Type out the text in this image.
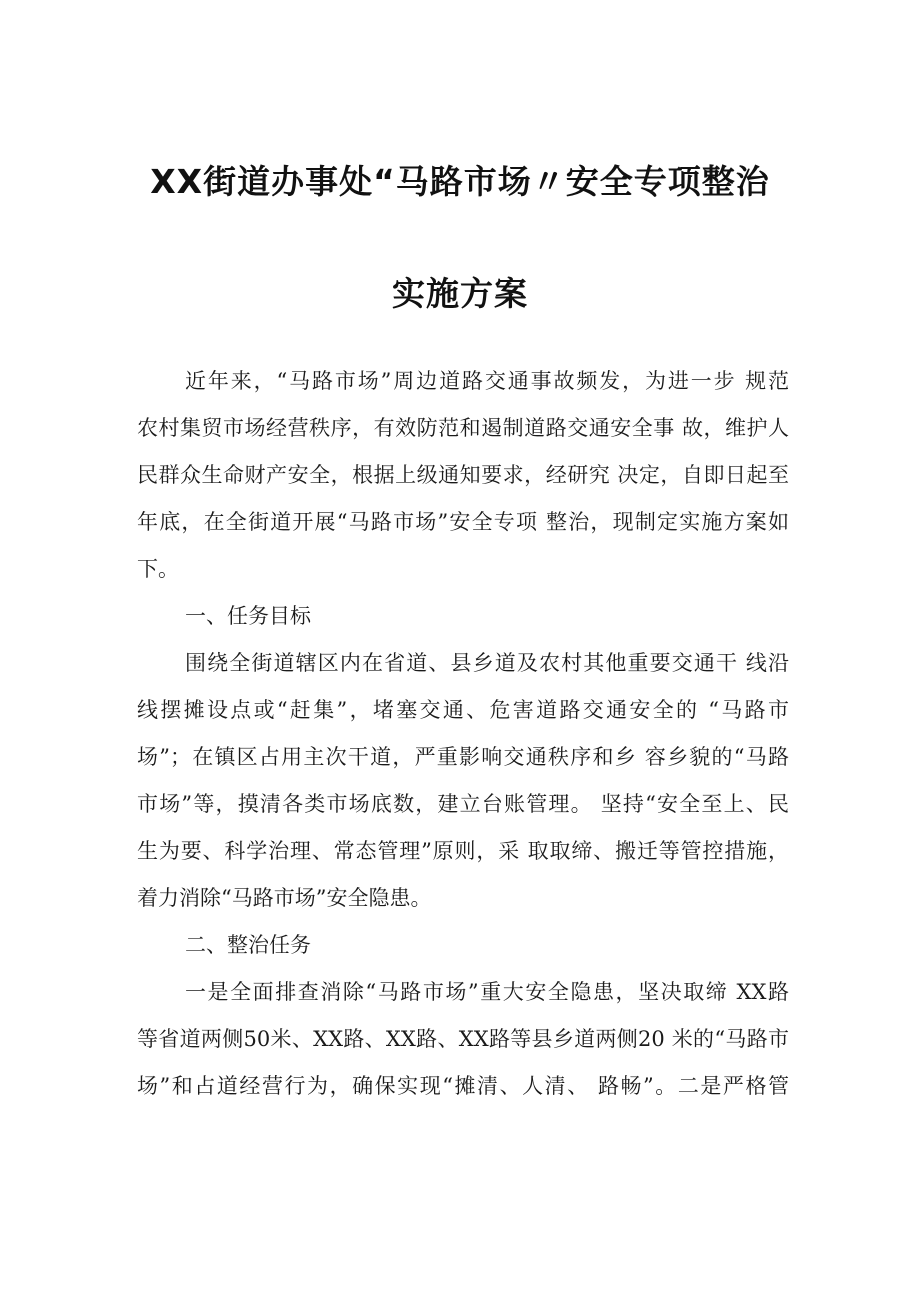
XX街道办事处“马路市场〃安全专项整治
实施方案
近年来，“马路市场”周边道路交通事故频发，为进一步 规范
农村集贸市场经营秩序，有效防范和遏制道路交通安全事 故，维护人
民群众生命财产安全，根据上级通知要求，经研究 决定，自即日起至
年底，在全街道开展“马路市场”安全专项 整治，现制定实施方案如
下。
一、任务目标
围绕全街道辖区内在省道、县乡道及农村其他重要交通干 线沿
线摆摊设点或“赶集”，堵塞交通、危害道路交通安全的 “马路市
场”；在镇区占用主次干道，严重影响交通秩序和乡 容乡貌的“马路
市场”等，摸清各类市场底数，建立台账管理。 坚持“安全至上、民
生为要、科学治理、常态管理”原则，采 取取缔、搬迁等管控措施，
着力消除“马路市场”安全隐患。
二、整治任务
一是全面排查消除“马路市场”重大安全隐患，坚决取缔 XX路
等省道两侧50米、XX路、XX路、XX路等县乡道两侧20 米的“马路市
场”和占道经营行为，确保实现“摊清、人清、 路畅”。二是严格管
